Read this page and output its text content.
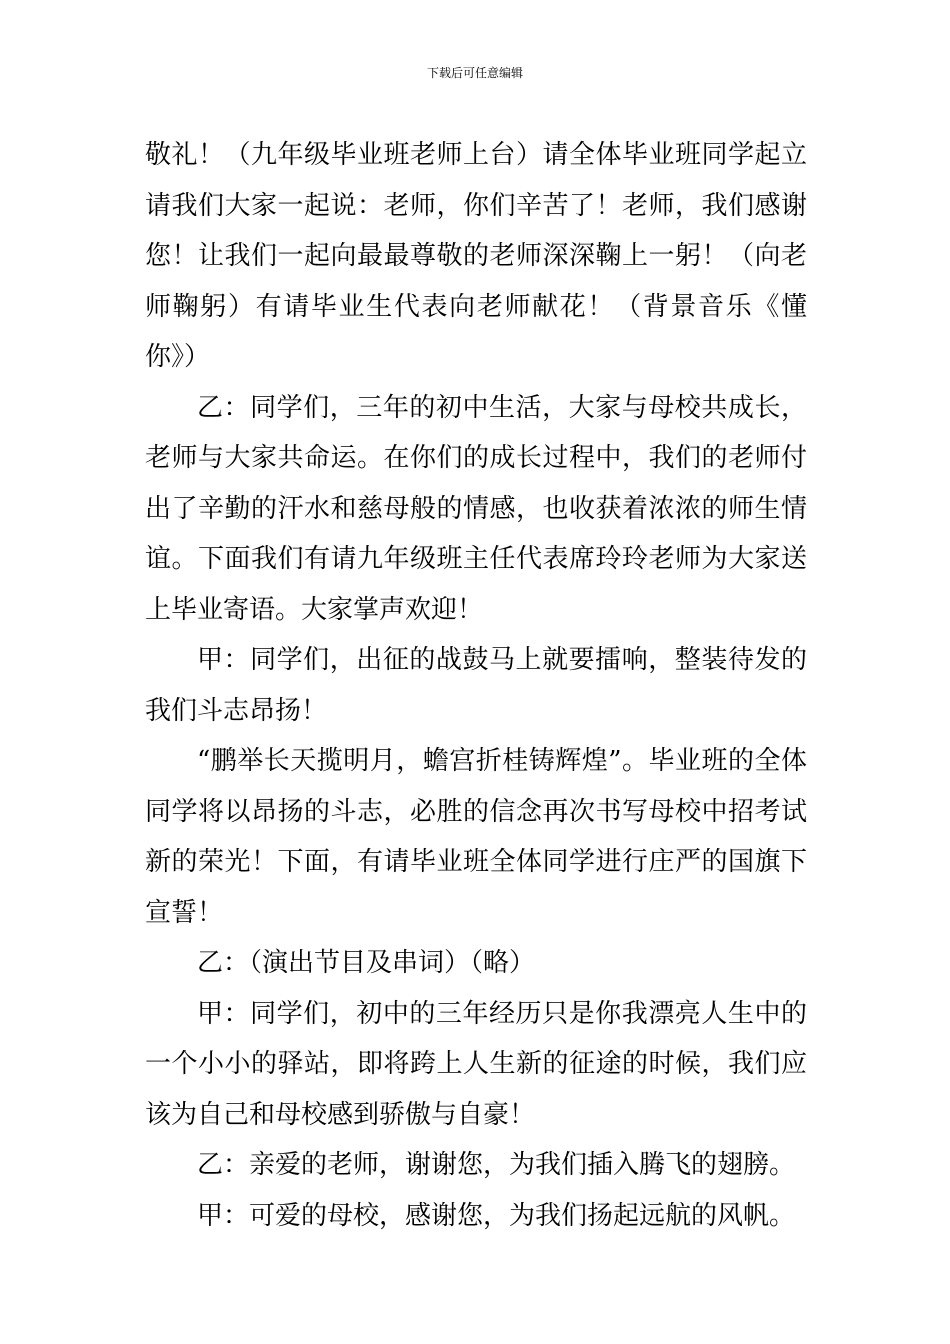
下载后可任意编辑

敬礼！（九年级毕业班老师上台）请全体毕业班同学起立请我们大家一起说：老师，你们辛苦了！老师，我们感谢您！让我们一起向最最尊敬的老师深深鞠上一躬！（向老师鞠躬）有请毕业生代表向老师献花！（背景音乐《懂你》）

乙：同学们，三年的初中生活，大家与母校共成长，老师与大家共命运。在你们的成长过程中，我们的老师付出了辛勤的汗水和慈母般的情感，也收获着浓浓的师生情谊。下面我们有请九年级班主任代表席玲玲老师为大家送上毕业寄语。大家掌声欢迎！

甲：同学们，出征的战鼓马上就要擂响，整装待发的我们斗志昂扬！

“鹏举长天揽明月，蟾宫折桂铸辉煌”。毕业班的全体同学将以昂扬的斗志，必胜的信念再次书写母校中招考试新的荣光！下面，有请毕业班全体同学进行庄严的国旗下宣誓！

乙：（演出节目及串词）（略）

甲：同学们，初中的三年经历只是你我漂亮人生中的一个小小的驿站，即将跨上人生新的征途的时候，我们应该为自己和母校感到骄傲与自豪！

乙：亲爱的老师，谢谢您，为我们插入腾飞的翅膀。

甲：可爱的母校，感谢您，为我们扬起远航的风帆。
